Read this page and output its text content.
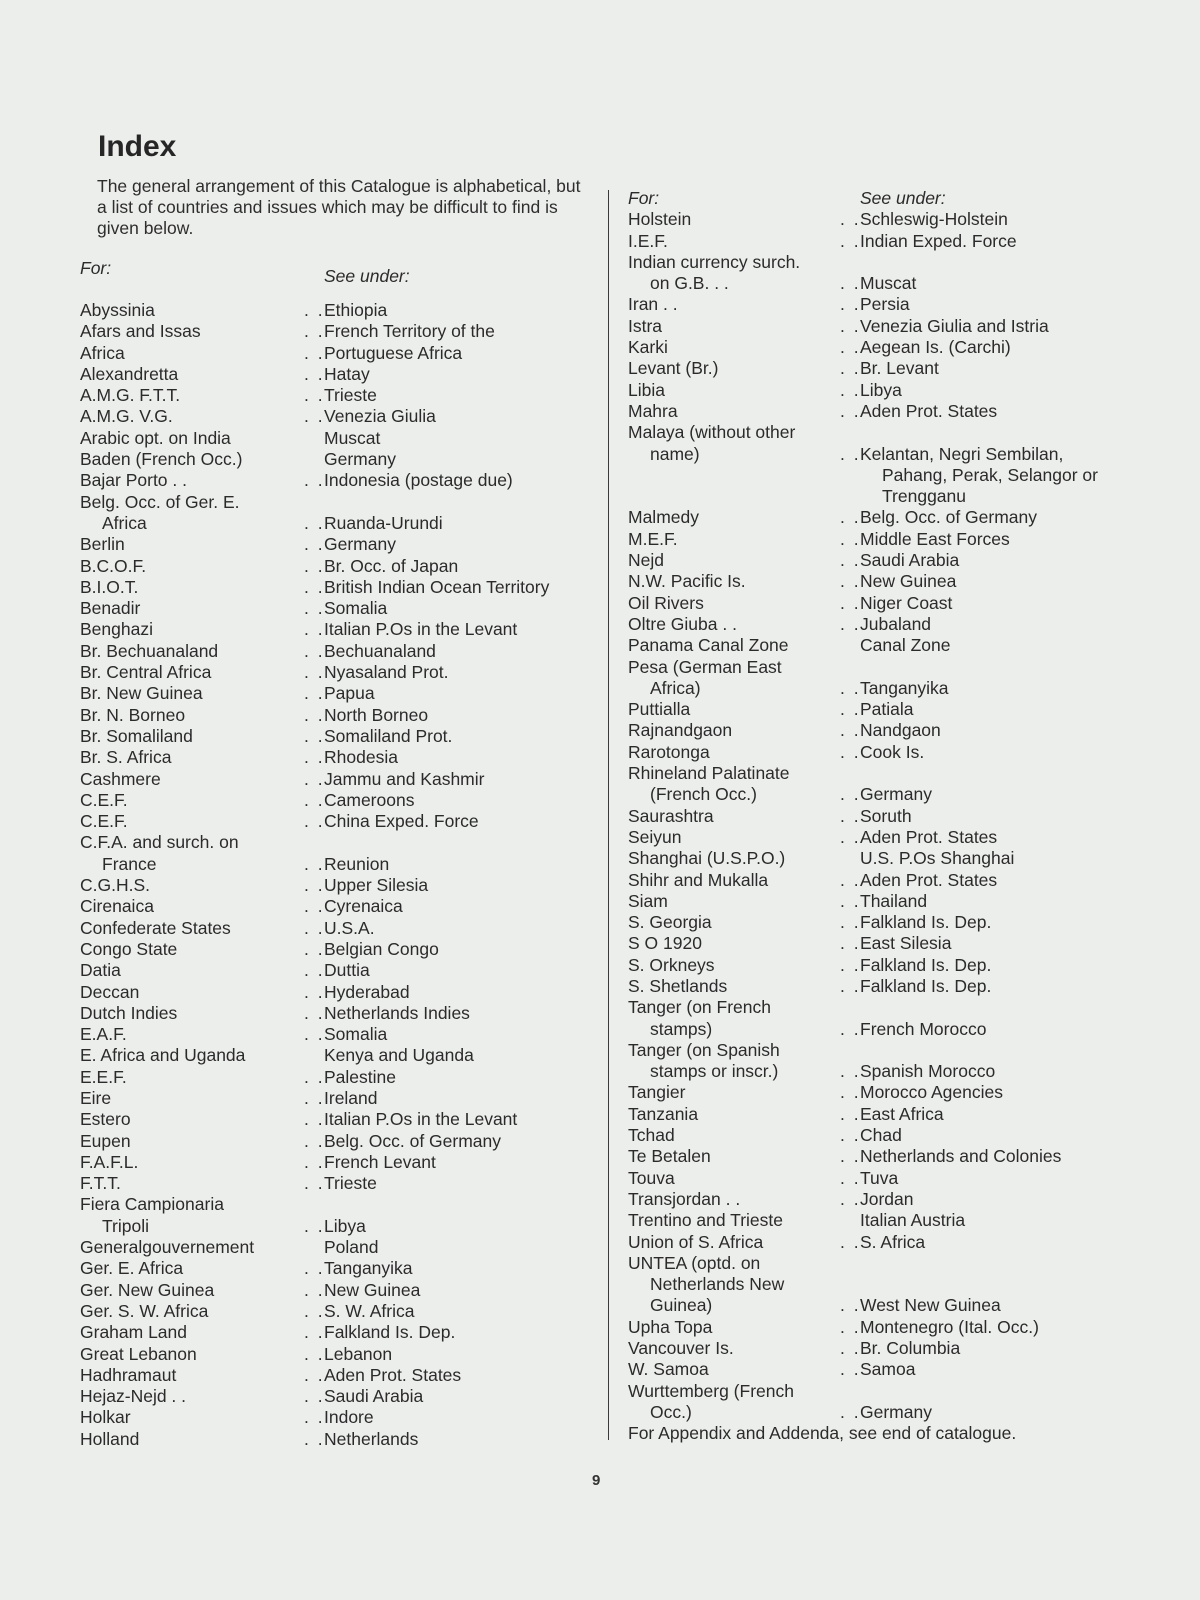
Index

The general arrangement of this Catalogue is alphabetical, but a list of countries and issues which may be difficult to find is given below.

For:	See under:
Abyssinia	. . Ethiopia
Afars and Issas	. . French Territory of the
Africa	. . Portuguese Africa
Alexandretta	. . Hatay
A.M.G. F.T.T.	. . Trieste
A.M.G. V.G.	. . Venezia Giulia
Arabic opt. on India	Muscat
Baden (French Occ.)	Germany
Bajar Porto . .	. . Indonesia (postage due)
Belg. Occ. of Ger. E.
Africa	. . Ruanda-Urundi
Berlin	. . Germany
B.C.O.F.	. . Br. Occ. of Japan
B.I.O.T.	. . British Indian Ocean Territory
Benadir	. . Somalia
Benghazi	. . Italian P.Os in the Levant
Br. Bechuanaland	. . Bechuanaland
Br. Central Africa	. . Nyasaland Prot.
Br. New Guinea	. . Papua
Br. N. Borneo	. . North Borneo
Br. Somaliland	. . Somaliland Prot.
Br. S. Africa	. . Rhodesia
Cashmere	. . Jammu and Kashmir
C.E.F.	. . Cameroons
C.E.F.	. . China Exped. Force
C.F.A. and surch. on
France	. . Reunion
C.G.H.S.	. . Upper Silesia
Cirenaica	. . Cyrenaica
Confederate States	. . U.S.A.
Congo State	. . Belgian Congo
Datia	. . Duttia
Deccan	. . Hyderabad
Dutch Indies	. . Netherlands Indies
E.A.F.	. . Somalia
E. Africa and Uganda	Kenya and Uganda
E.E.F.	. . Palestine
Eire	. . Ireland
Estero	. . Italian P.Os in the Levant
Eupen	. . Belg. Occ. of Germany
F.A.F.L.	. . French Levant
F.T.T.	. . Trieste
Fiera Campionaria
Tripoli	. . Libya
Generalgouvernement	Poland
Ger. E. Africa	. . Tanganyika
Ger. New Guinea	. . New Guinea
Ger. S. W. Africa	. . S. W. Africa
Graham Land	. . Falkland Is. Dep.
Great Lebanon	. . Lebanon
Hadhramaut	. . Aden Prot. States
Hejaz-Nejd . .	. . Saudi Arabia
Holkar	. . Indore
Holland	. . Netherlands
For:	See under:
Holstein	. . Schleswig-Holstein
I.E.F.	. . Indian Exped. Force
Indian currency surch.
on G.B. . .	. . Muscat
Iran . .	. . Persia
Istra	. . Venezia Giulia and Istria
Karki	. . Aegean Is. (Carchi)
Levant (Br.)	. . Br. Levant
Libia	. . Libya
Mahra	. . Aden Prot. States
Malaya (without other
name)	. . Kelantan, Negri Sembilan,
Pahang, Perak, Selangor or
Trengganu
Malmedy	. . Belg. Occ. of Germany
M.E.F.	. . Middle East Forces
Nejd	. . Saudi Arabia
N.W. Pacific Is.	. . New Guinea
Oil Rivers	. . Niger Coast
Oltre Giuba . .	. . Jubaland
Panama Canal Zone	Canal Zone
Pesa (German East
Africa)	. . Tanganyika
Puttialla	. . Patiala
Rajnandgaon	. . Nandgaon
Rarotonga	. . Cook Is.
Rhineland Palatinate
(French Occ.)	. . Germany
Saurashtra	. . Soruth
Seiyun	. . Aden Prot. States
Shanghai (U.S.P.O.)	U.S. P.Os Shanghai
Shihr and Mukalla	. . Aden Prot. States
Siam	. . Thailand
S. Georgia	. . Falkland Is. Dep.
S O 1920	. . East Silesia
S. Orkneys	. . Falkland Is. Dep.
S. Shetlands	. . Falkland Is. Dep.
Tanger (on French
stamps)	. . French Morocco
Tanger (on Spanish
stamps or inscr.)	. . Spanish Morocco
Tangier	. . Morocco Agencies
Tanzania	. . East Africa
Tchad	. . Chad
Te Betalen	. . Netherlands and Colonies
Touva	. . Tuva
Transjordan . .	. . Jordan
Trentino and Trieste	Italian Austria
Union of S. Africa	. . S. Africa
UNTEA (optd. on
Netherlands New
Guinea)	. . West New Guinea
Upha Topa	. . Montenegro (Ital. Occ.)
Vancouver Is.	. . Br. Columbia
W. Samoa	. . Samoa
Wurttemberg (French
Occ.)	. . Germany
For Appendix and Addenda, see end of catalogue.
9
